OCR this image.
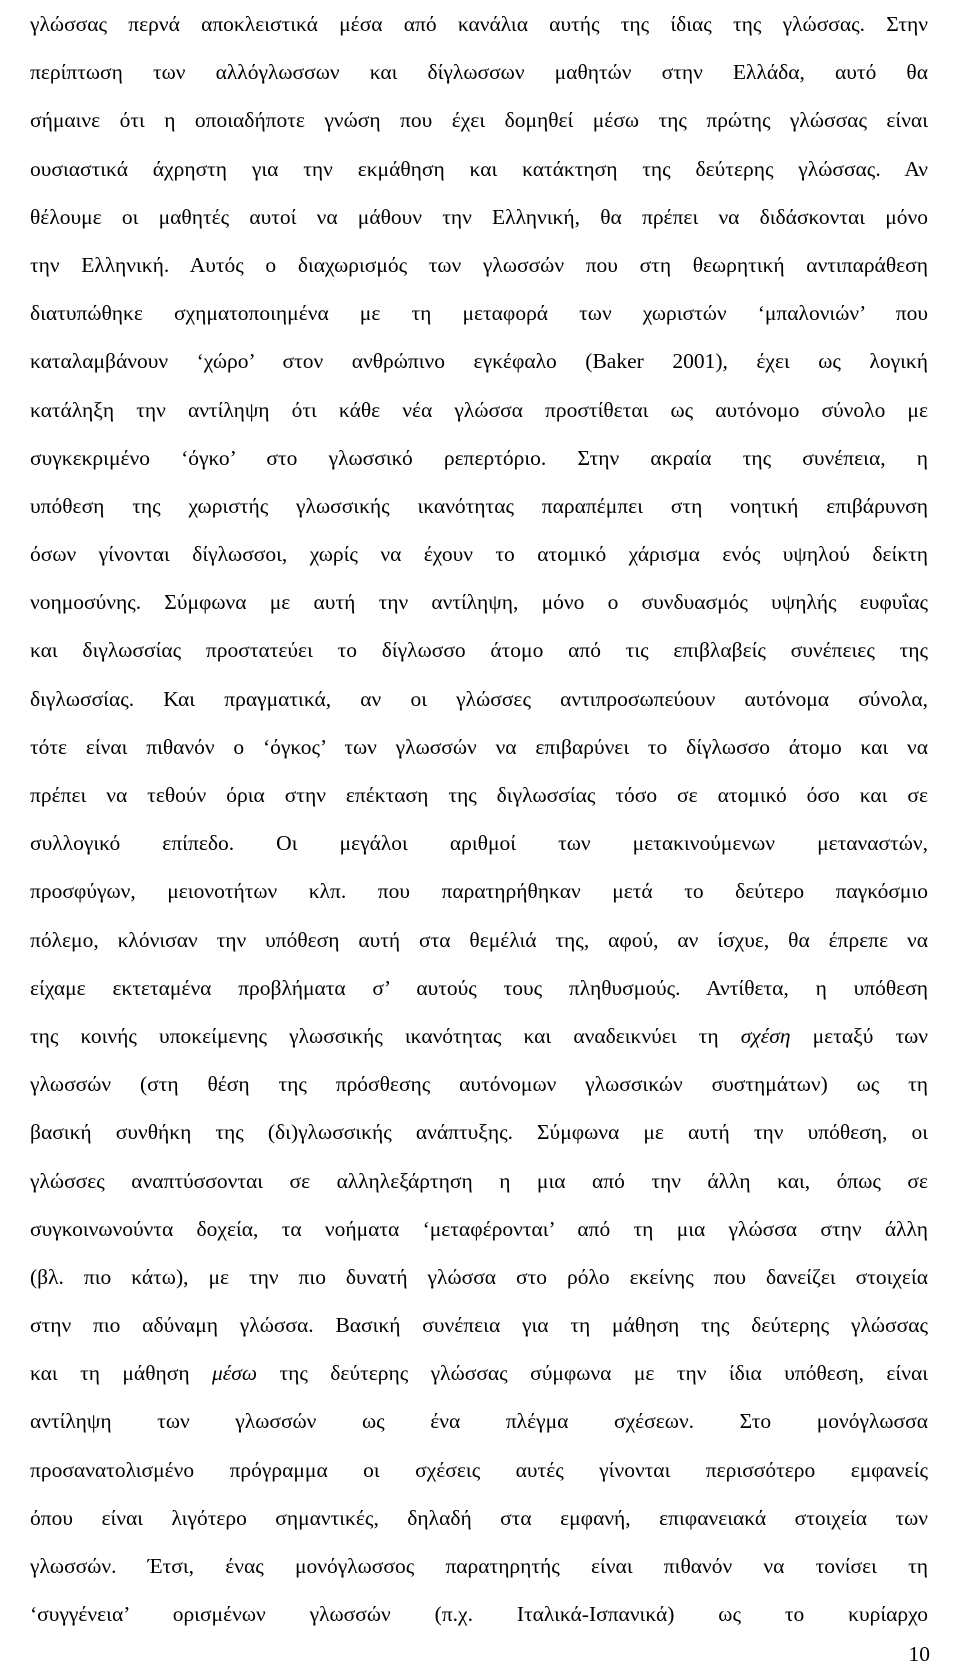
γλώσσας περνά αποκλειστικά μέσα από κανάλια αυτής της ίδιας της γλώσσας. Στην
περίπτωση των αλλόγλωσσων και δίγλωσσων μαθητών στην Ελλάδα, αυτό θα
σήμαινε ότι η οποιαδήποτε γνώση που έχει δομηθεί μέσω της πρώτης γλώσσας είναι
ουσιαστικά άχρηστη για την εκμάθηση και κατάκτηση της δεύτερης γλώσσας. Αν
θέλουμε οι μαθητές αυτοί να μάθουν την Ελληνική, θα πρέπει να διδάσκονται μόνο
την Ελληνική. Αυτός ο διαχωρισμός των γλωσσών που στη θεωρητική αντιπαράθεση
διατυπώθηκε σχηματοποιημένα με τη μεταφορά των χωριστών ‘μπαλονιών’ που
καταλαμβάνουν ‘χώρο’ στον ανθρώπινο εγκέφαλο (Baker 2001), έχει ως λογική
κατάληξη την αντίληψη ότι κάθε νέα γλώσσα προστίθεται ως αυτόνομο σύνολο με
συγκεκριμένο ‘όγκο’ στο γλωσσικό ρεπερτόριο. Στην ακραία της συνέπεια, η
υπόθεση της χωριστής γλωσσικής ικανότητας παραπέμπει στη νοητική επιβάρυνση
όσων γίνονται δίγλωσσοι, χωρίς να έχουν το ατομικό χάρισμα ενός υψηλού δείκτη
νοημοσύνης. Σύμφωνα με αυτή την αντίληψη, μόνο ο συνδυασμός υψηλής ευφυΐας
και διγλωσσίας προστατεύει το δίγλωσσο άτομο από τις επιβλαβείς συνέπειες της
διγλωσσίας. Και πραγματικά, αν οι γλώσσες αντιπροσωπεύουν αυτόνομα σύνολα,
τότε είναι πιθανόν ο ‘όγκος’ των γλωσσών να επιβαρύνει το δίγλωσσο άτομο και να
πρέπει να τεθούν όρια στην επέκταση της διγλωσσίας τόσο σε ατομικό όσο και σε
συλλογικό επίπεδο. Οι μεγάλοι αριθμοί των μετακινούμενων μεταναστών,
προσφύγων, μειονοτήτων κλπ. που παρατηρήθηκαν μετά το δεύτερο παγκόσμιο
πόλεμο, κλόνισαν την υπόθεση αυτή στα θεμέλιά της, αφού, αν ίσχυε, θα έπρεπε να
είχαμε εκτεταμένα προβλήματα σ’ αυτούς τους πληθυσμούς. Αντίθετα, η υπόθεση
της κοινής υποκείμενης γλωσσικής ικανότητας και αναδεικνύει τη σχέση μεταξύ των
γλωσσών (στη θέση της πρόσθεσης αυτόνομων γλωσσικών συστημάτων) ως τη
βασική συνθήκη της (δι)γλωσσικής ανάπτυξης. Σύμφωνα με αυτή την υπόθεση, οι
γλώσσες αναπτύσσονται σε αλληλεξάρτηση η μια από την άλλη και, όπως σε
συγκοινωνούντα δοχεία, τα νοήματα ‘μεταφέρονται’ από τη μια γλώσσα στην άλλη
(βλ. πιο κάτω), με την πιο δυνατή γλώσσα στο ρόλο εκείνης που δανείζει στοιχεία
στην πιο αδύναμη γλώσσα. Βασική συνέπεια για τη μάθηση της δεύτερης γλώσσας
και τη μάθηση μέσω της δεύτερης γλώσσας σύμφωνα με την ίδια υπόθεση, είναι
αντίληψη των γλωσσών ως ένα πλέγμα σχέσεων. Στο μονόγλωσσα
προσανατολισμένο πρόγραμμα οι σχέσεις αυτές γίνονται περισσότερο εμφανείς
όπου είναι λιγότερο σημαντικές, δηλαδή στα εμφανή, επιφανειακά στοιχεία των
γλωσσών. Έτσι, ένας μονόγλωσσος παρατηρητής είναι πιθανόν να τονίσει τη
‘συγγένεια’ ορισμένων γλωσσών (π.χ. Ιταλικά-Ισπανικά) ως το κυρίαρχο
10
